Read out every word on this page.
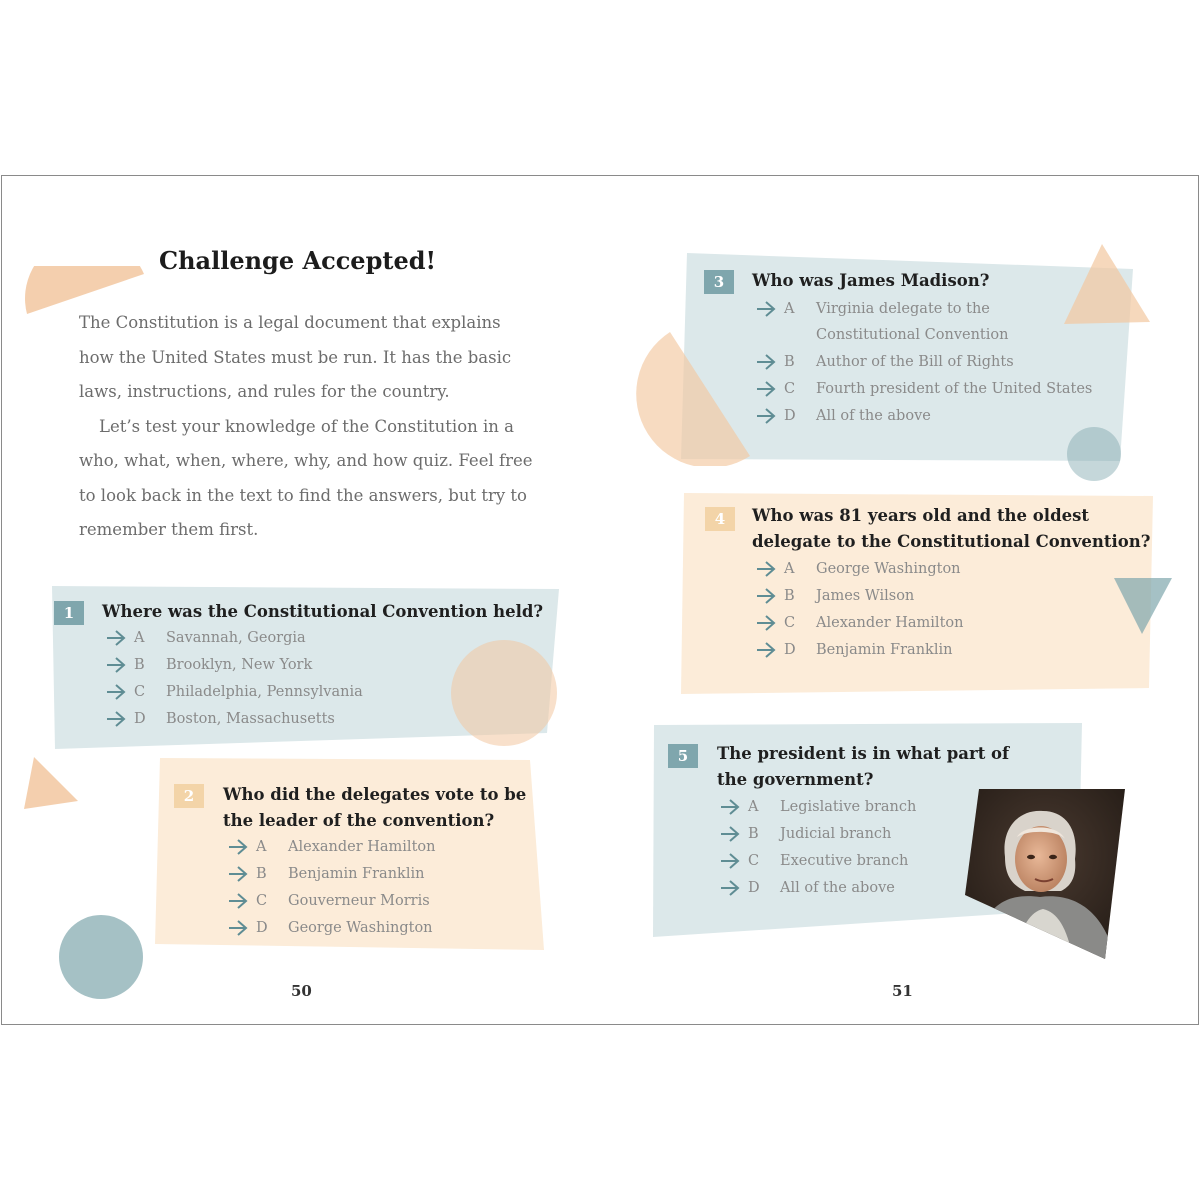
Challenge Accepted!

The Constitution is a legal document that explains how the United States must be run. It has the basic laws, instructions, and rules for the country.

Let’s test your knowledge of the Constitution in a who, what, when, where, why, and how quiz. Feel free to look back in the text to find the answers, but try to remember them first.

1	Where was the Constitutional Convention held?
A	Savannah, Georgia
B	Brooklyn, New York
C	Philadelphia, Pennsylvania
D	Boston, Massachusetts
2	Who did the delegates vote to be the leader of the convention?
A	Alexander Hamilton
B	Benjamin Franklin
C	Gouverneur Morris
D	George Washington
3	Who was James Madison?
A	Virginia delegate to the Constitutional Convention
B	Author of the Bill of Rights
C	Fourth president of the United States
D	All of the above
4	Who was 81 years old and the oldest delegate to the Constitutional Convention?
A	George Washington
B	James Wilson
C	Alexander Hamilton
D	Benjamin Franklin
5	The president is in what part of the government?
A	Legislative branch
B	Judicial branch
C	Executive branch
D	All of the above
50	51
